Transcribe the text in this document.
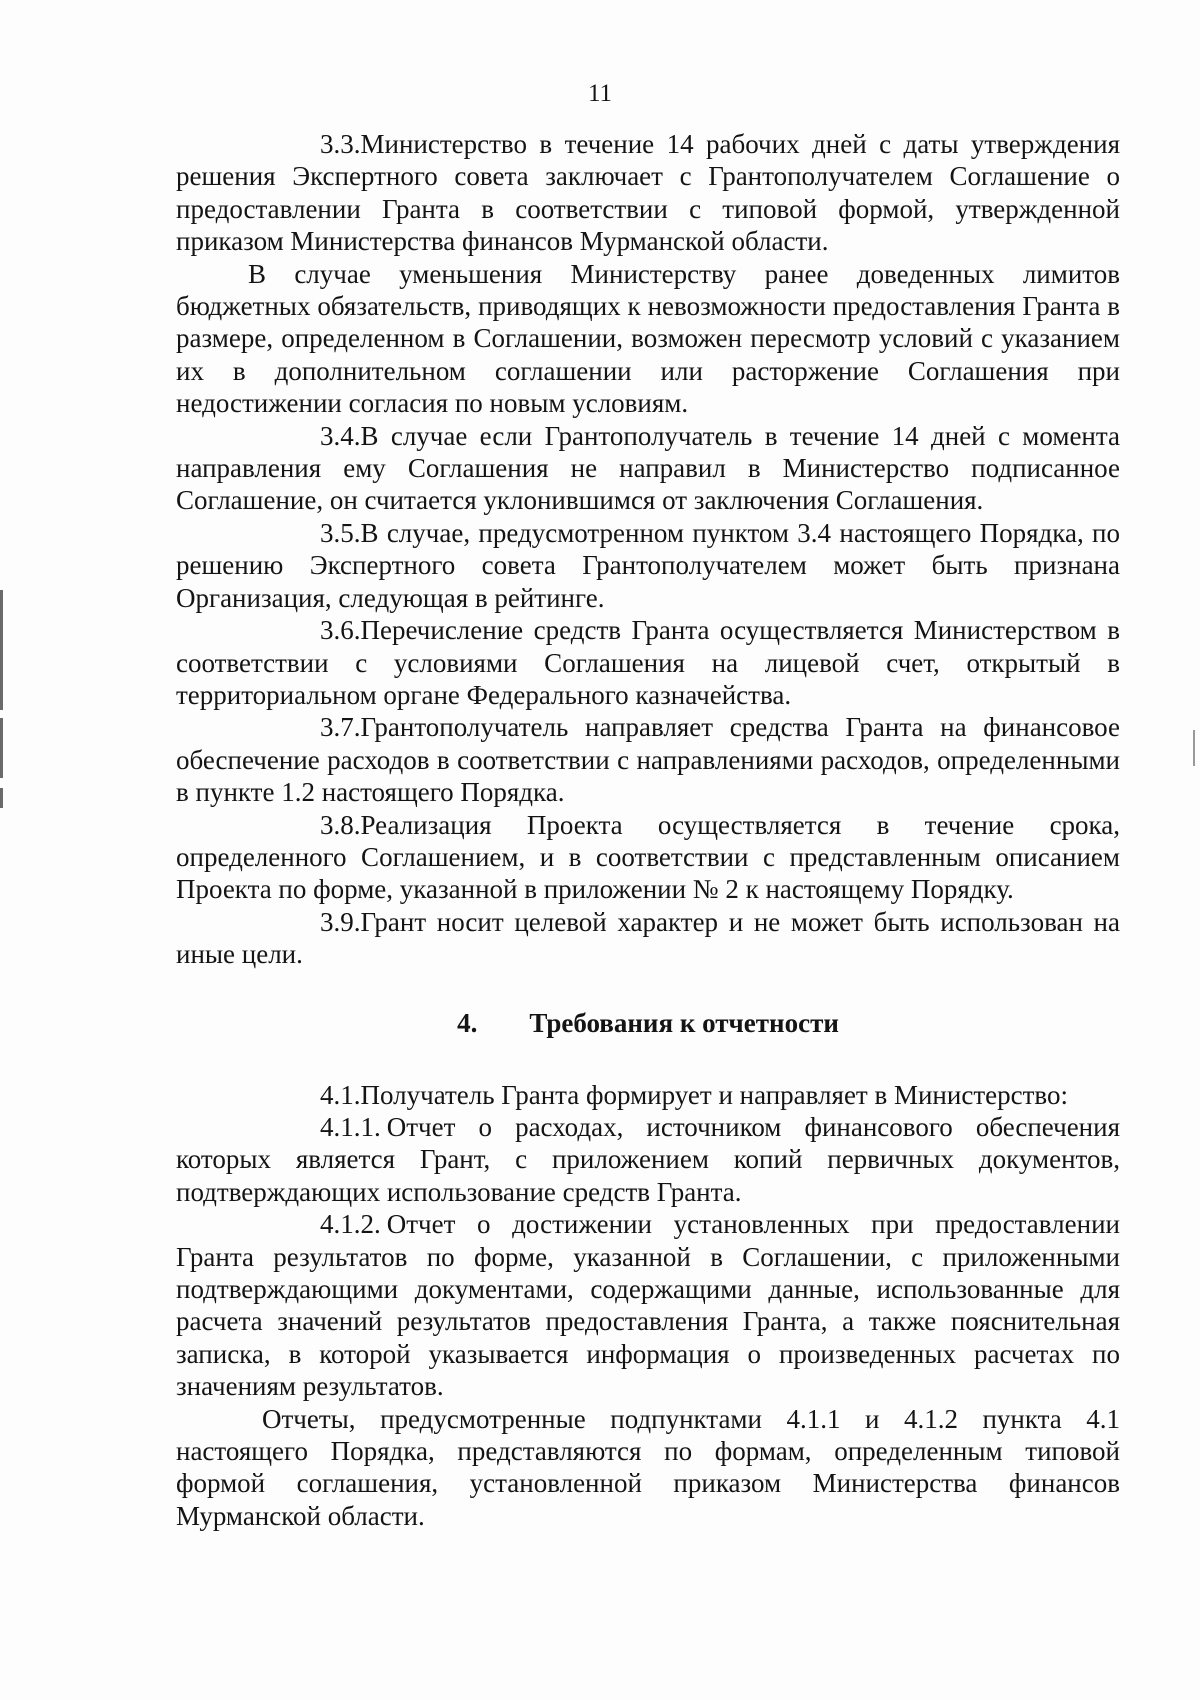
11

3.3.Министерство в течение 14 рабочих дней с даты утверждения решения Экспертного совета заключает с Грантополучателем Соглашение о предоставлении Гранта в соответствии с типовой формой, утвержденной приказом Министерства финансов Мурманской области.

В случае уменьшения Министерству ранее доведенных лимитов бюджетных обязательств, приводящих к невозможности предоставления Гранта в размере, определенном в Соглашении, возможен пересмотр условий с указанием их в дополнительном соглашении или расторжение Соглашения при недостижении согласия по новым условиям.

3.4.В случае если Грантополучатель в течение 14 дней с момента направления ему Соглашения не направил в Министерство подписанное Соглашение, он считается уклонившимся от заключения Соглашения.

3.5.В случае, предусмотренном пунктом 3.4 настоящего Порядка, по решению Экспертного совета Грантополучателем может быть признана Организация, следующая в рейтинге.

3.6.Перечисление средств Гранта осуществляется Министерством в соответствии с условиями Соглашения на лицевой счет, открытый в территориальном органе Федерального казначейства.

3.7.Грантополучатель направляет средства Гранта на финансовое обеспечение расходов в соответствии с направлениями расходов, определенными в пункте 1.2 настоящего Порядка.

3.8.Реализация Проекта осуществляется в течение срока, определенного Соглашением, и в соответствии с представленным описанием Проекта по форме, указанной в приложении № 2 к настоящему Порядку.

3.9.Грант носит целевой характер и не может быть использован на иные цели.

4. Требования к отчетности

4.1.Получатель Гранта формирует и направляет в Министерство:

4.1.1. Отчет о расходах, источником финансового обеспечения которых является Грант, с приложением копий первичных документов, подтверждающих использование средств Гранта.

4.1.2. Отчет о достижении установленных при предоставлении Гранта результатов по форме, указанной в Соглашении, с приложенными подтверждающими документами, содержащими данные, использованные для расчета значений результатов предоставления Гранта, а также пояснительная записка, в которой указывается информация о произведенных расчетах по значениям результатов.

Отчеты, предусмотренные подпунктами 4.1.1 и 4.1.2 пункта 4.1 настоящего Порядка, представляются по формам, определенным типовой формой соглашения, установленной приказом Министерства финансов Мурманской области.
